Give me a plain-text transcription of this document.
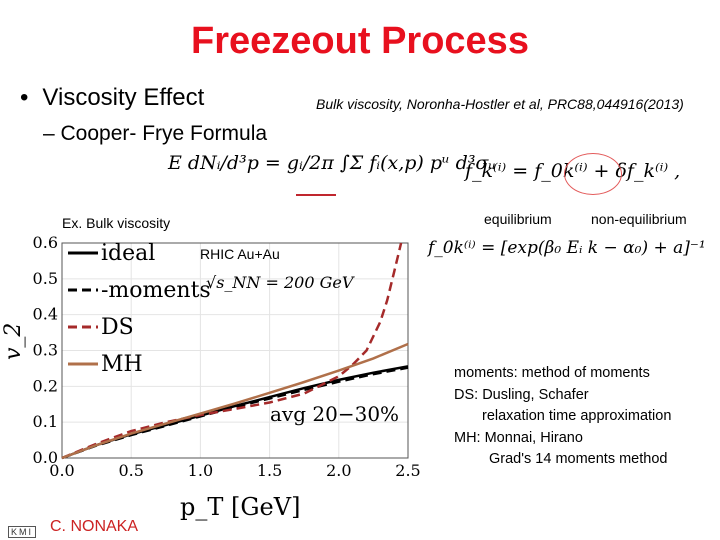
Freezeout Process
• Viscosity Effect
– Cooper- Frye Formula
Bulk viscosity, Noronha-Hostler et al, PRC88,044916(2013)
E dNᵢ/d³p = gᵢ/2π ∫Σ fᵢ(x,p) pᵘ d³σᵤ
f_k⁽ⁱ⁾ = f_0k⁽ⁱ⁾ + δf_k⁽ⁱ⁾ ,
equilibrium	non-equilibrium
f_0k⁽ⁱ⁾ = [exp(β₀ Eᵢ k − α₀) + a]⁻¹
Ex. Bulk viscosity
0.0	0.5	1.0	1.5	2.0	2.5
0.0
0.1
0.2
0.3
0.4
0.5
0.6 ideal
-moments
DS
MH
RHIC Au+Au
√s_NN = 200 GeV
avg 20−30%
v_2
p_T [GeV]
moments: method of moments
DS: Dusling, Schafer
relaxation time approximation
MH: Monnai, Hirano
Grad's 14 moments method
KMI C. NONAKA
